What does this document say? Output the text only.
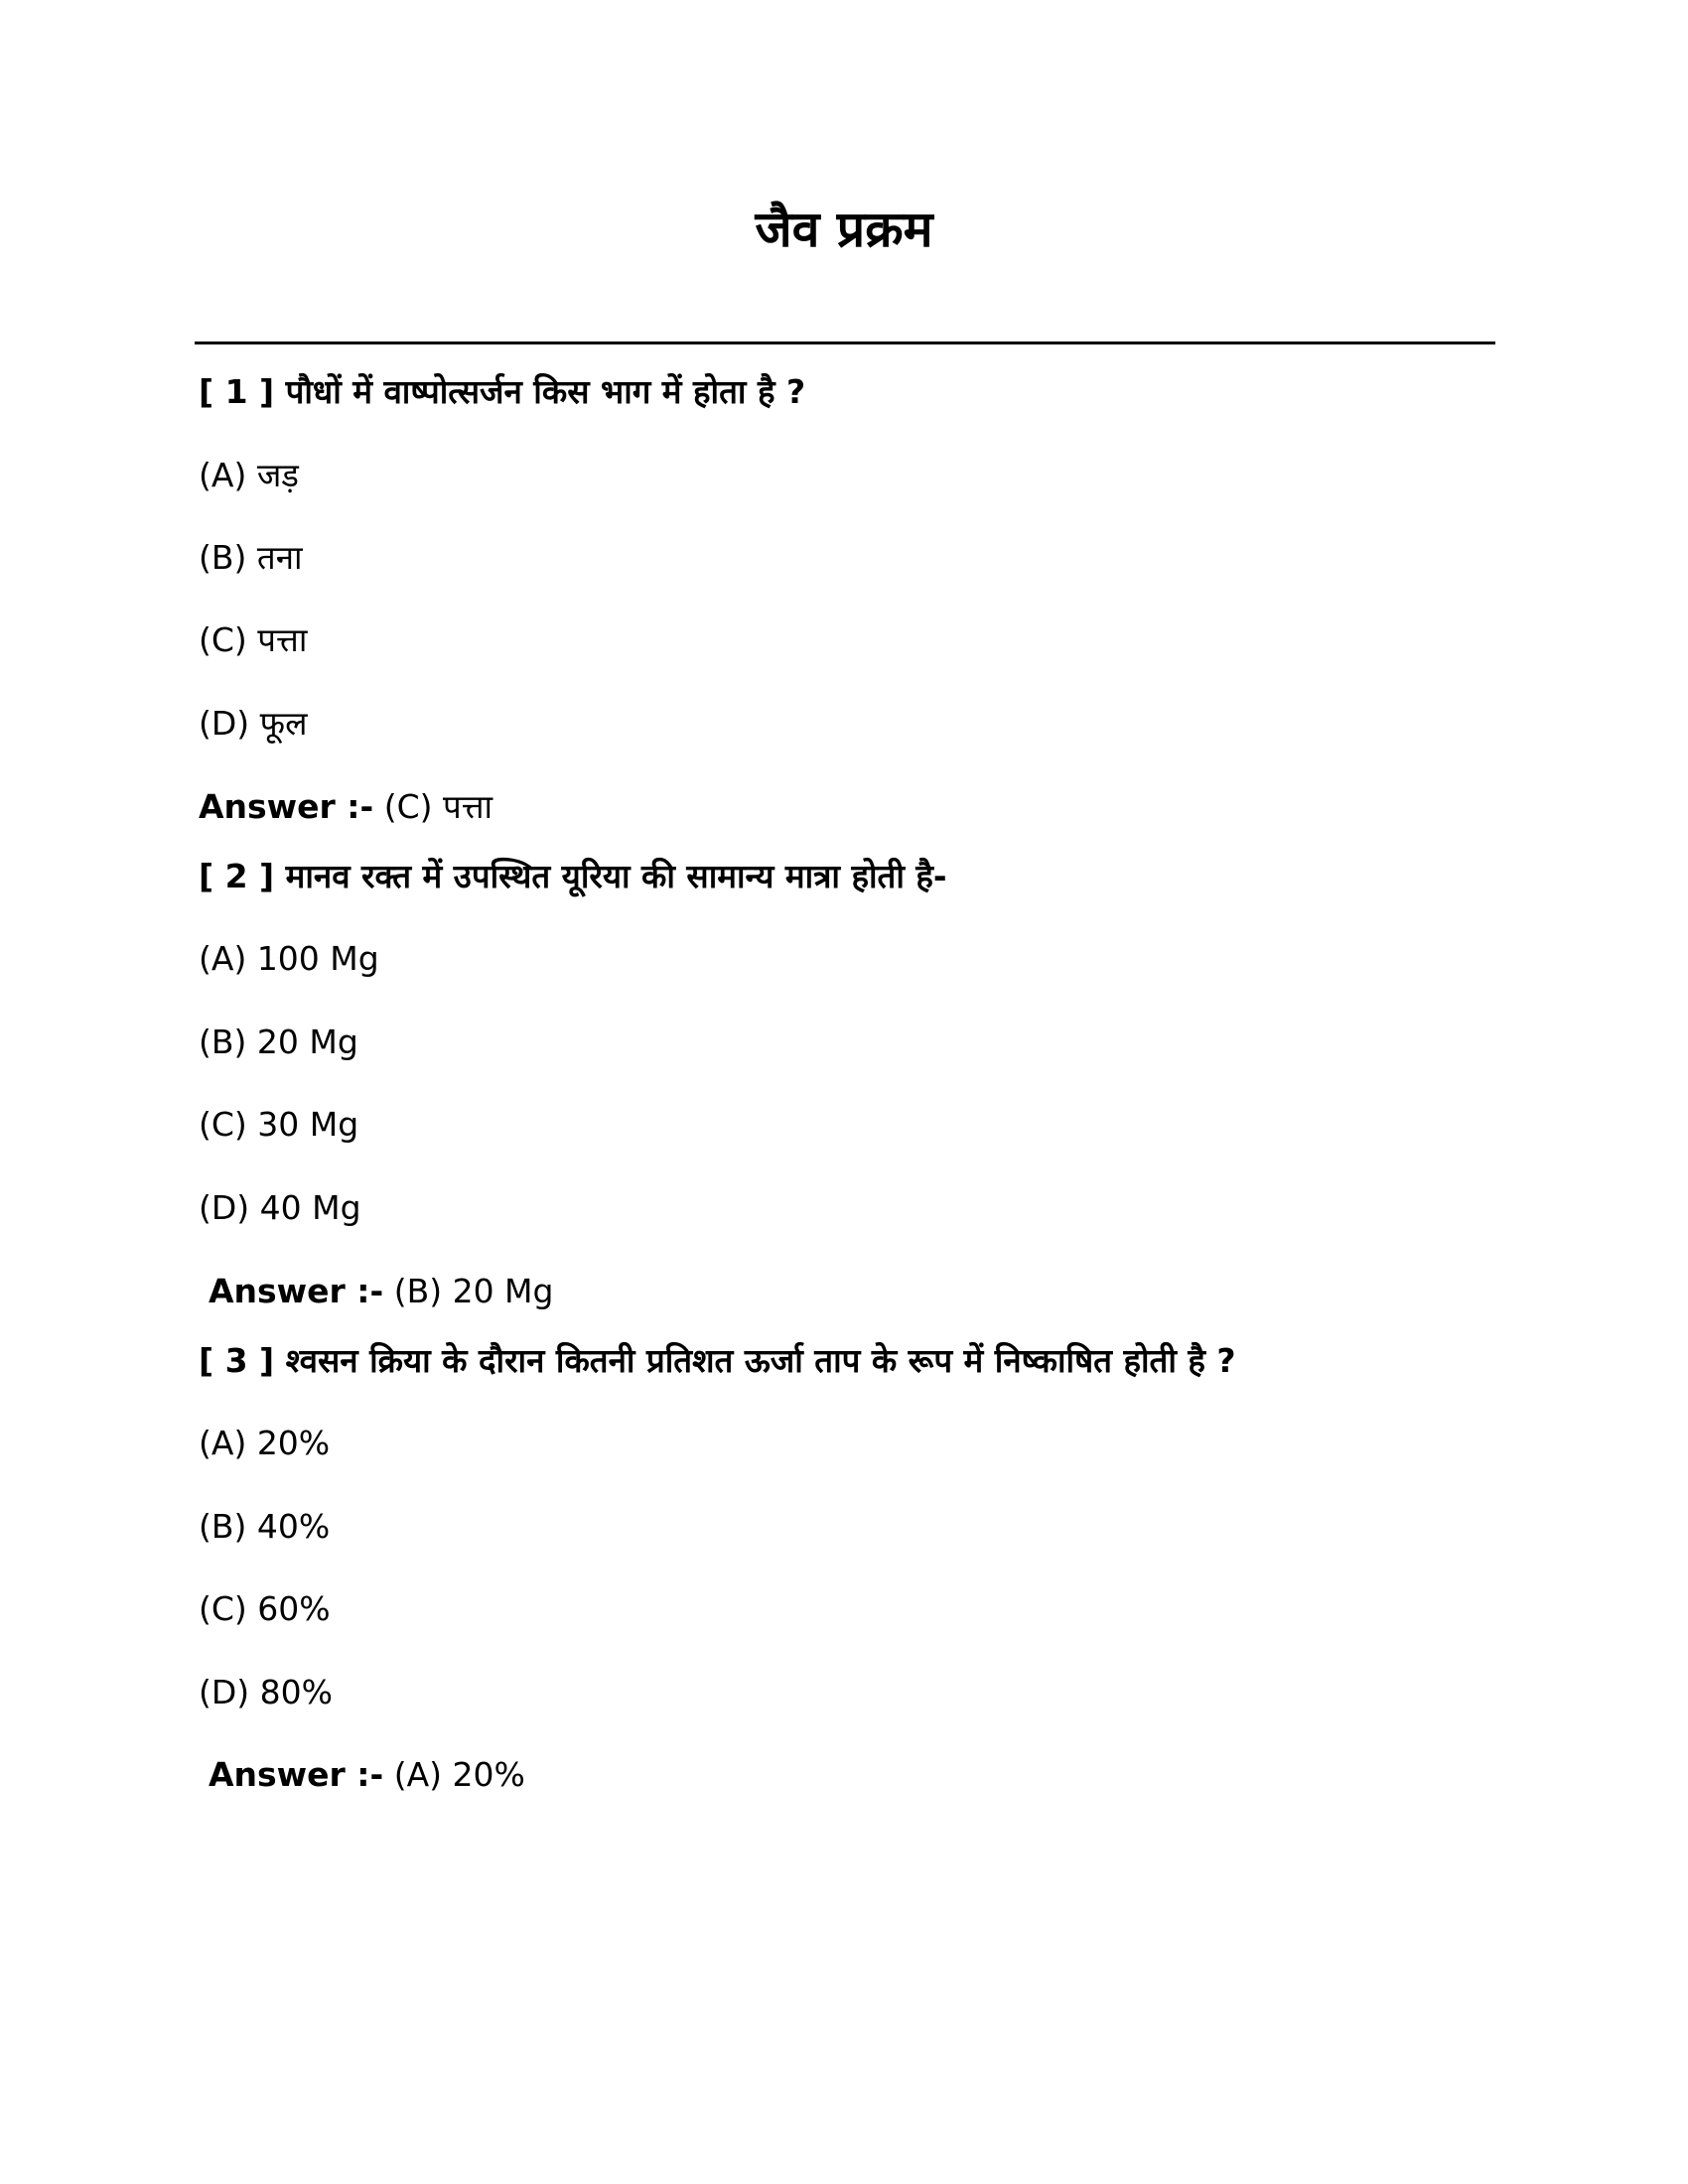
जैव प्रक्रम
[ 1 ] पौधों में वाष्पोत्सर्जन किस भाग में होता है ?
(A) जड़
(B) तना
(C) पत्ता
(D) फूल
Answer :- (C) पत्ता
[ 2 ] मानव रक्त में उपस्थित यूरिया की सामान्य मात्रा होती है-
(A) 100 Mg
(B) 20 Mg
(C) 30 Mg
(D) 40 Mg
Answer :- (B) 20 Mg
[ 3 ] श्वसन क्रिया के दौरान कितनी प्रतिशत ऊर्जा ताप के रूप में निष्काषित होती है ?
(A) 20%
(B) 40%
(C) 60%
(D) 80%
Answer :- (A) 20%
